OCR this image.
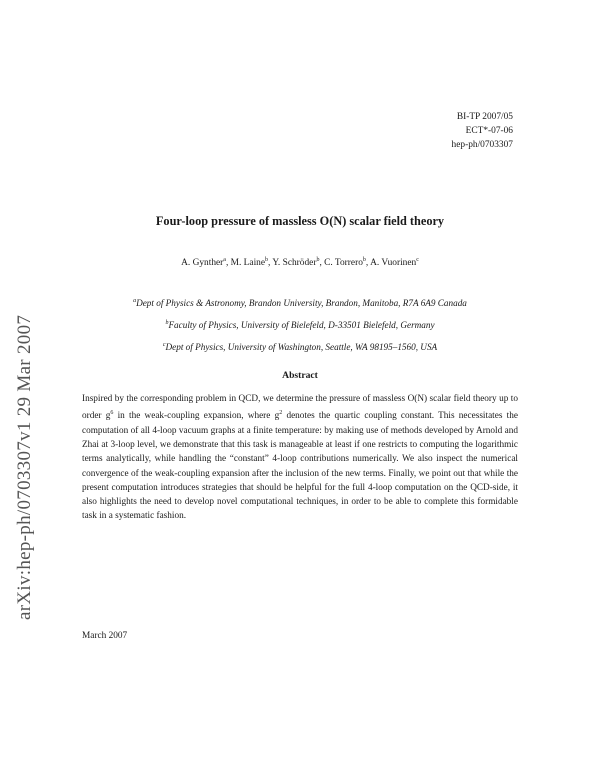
arXiv:hep-ph/0703307v1 29 Mar 2007
BI-TP 2007/05
ECT*-07-06
hep-ph/0703307
Four-loop pressure of massless O(N) scalar field theory
A. Gynther$^a$, M. Laine$^b$, Y. Schröder$^b$, C. Torrero$^b$, A. Vuorinen$^c$
$^a$Dept of Physics & Astronomy, Brandon University, Brandon, Manitoba, R7A 6A9 Canada
$^b$Faculty of Physics, University of Bielefeld, D-33501 Bielefeld, Germany
$^c$Dept of Physics, University of Washington, Seattle, WA 98195–1560, USA
Abstract
Inspired by the corresponding problem in QCD, we determine the pressure of massless O(N) scalar field theory up to order $g^6$ in the weak-coupling expansion, where $g^2$ denotes the quartic coupling constant. This necessitates the computation of all 4-loop vacuum graphs at a finite temperature: by making use of methods developed by Arnold and Zhai at 3-loop level, we demonstrate that this task is manageable at least if one restricts to computing the logarithmic terms analytically, while handling the “constant” 4-loop contributions numerically. We also inspect the numerical convergence of the weak-coupling expansion after the inclusion of the new terms. Finally, we point out that while the present computation introduces strategies that should be helpful for the full 4-loop computation on the QCD-side, it also highlights the need to develop novel computational techniques, in order to be able to complete this formidable task in a systematic fashion.
March 2007
